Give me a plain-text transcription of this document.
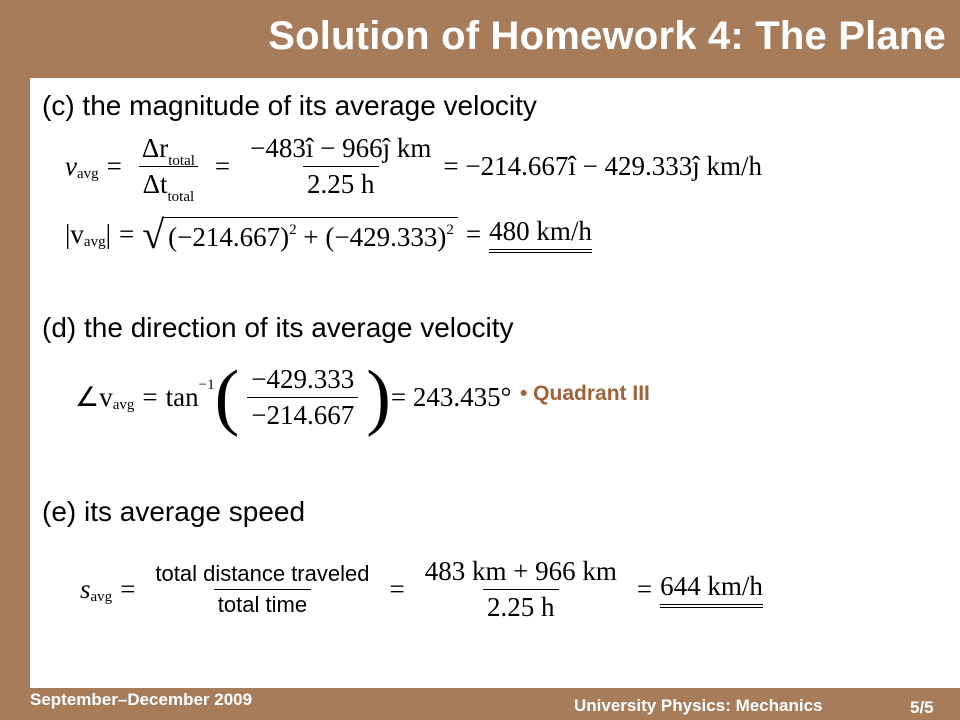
Solution of Homework 4: The Plane
(c) the magnitude of its average velocity
v avg = $\frac{\Delta r_{total}}{\Delta t_{total}} = \frac{\text{−483î − 966ĵ km}}{2.25 h}$ = −214.667î − 429.333ĵ km/h
|v avg | = √ $(-214.667)^2 + (-429.333)^2 = 480$ km/h
(d) the direction of its average velocity
∠v avg = tan −1 ( $\frac{-429.333}{-214.667}$ ) = 243.435°
(e) its average speed
s avg = $\frac{\text{total distance traveled}}{\text{total time}} = \frac{483 km + 966 km}{2.25 h} = 644$ km/h
• Quadrant III
September–December 2009	University Physics: Mechanics	5/5
